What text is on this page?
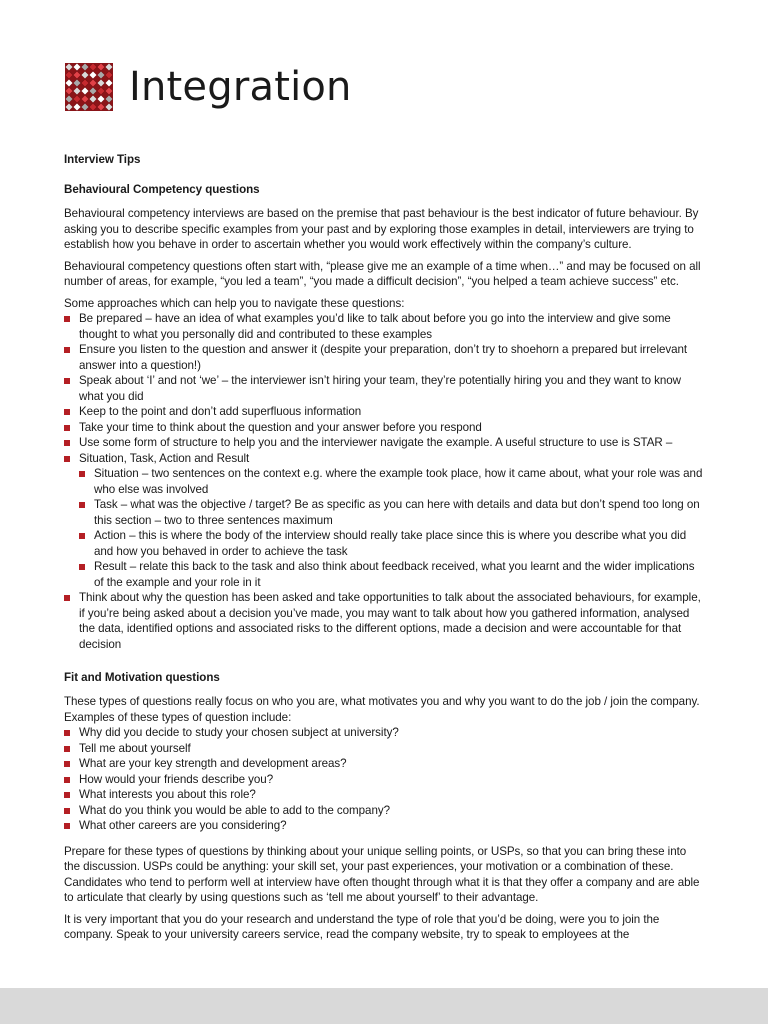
Integration
Interview Tips
Behavioural Competency questions

Behavioural competency interviews are based on the premise that past behaviour is the best indicator of future behaviour. By asking you to describe specific examples from your past and by exploring those examples in detail, interviewers are trying to establish how you behave in order to ascertain whether you would work effectively within the company’s culture.

Behavioural competency questions often start with, “please give me an example of a time when…” and may be focused on all number of areas, for example, “you led a team”, “you made a difficult decision”, “you helped a team achieve success” etc.

Some approaches which can help you to navigate these questions:

Be prepared – have an idea of what examples you’d like to talk about before you go into the interview and give some thought to what you personally did and contributed to these examples
Ensure you listen to the question and answer it (despite your preparation, don’t try to shoehorn a prepared but irrelevant answer into a question!)
Speak about ‘I’ and not ‘we’ – the interviewer isn’t hiring your team, they’re potentially hiring you and they want to know what you did
Keep to the point and don’t add superfluous information
Take your time to think about the question and your answer before you respond
Use some form of structure to help you and the interviewer navigate the example. A useful structure to use is STAR –
Situation, Task, Action and Result
Situation – two sentences on the context e.g. where the example took place, how it came about, what your role was and who else was involved
Task – what was the objective / target? Be as specific as you can here with details and data but don’t spend too long on this section – two to three sentences maximum
Action – this is where the body of the interview should really take place since this is where you describe what you did and how you behaved in order to achieve the task
Result – relate this back to the task and also think about feedback received, what you learnt and the wider implications of the example and your role in it
Think about why the question has been asked and take opportunities to talk about the associated behaviours, for example, if you’re being asked about a decision you’ve made, you may want to talk about how you gathered information, analysed the data, identified options and associated risks to the different options, made a decision and were accountable for that decision
Fit and Motivation questions

These types of questions really focus on who you are, what motivates you and why you want to do the job / join the company. Examples of these types of question include:

Why did you decide to study your chosen subject at university?
Tell me about yourself
What are your key strength and development areas?
How would your friends describe you?
What interests you about this role?
What do you think you would be able to add to the company?
What other careers are you considering?

Prepare for these types of questions by thinking about your unique selling points, or USPs, so that you can bring these into the discussion. USPs could be anything: your skill set, your past experiences, your motivation or a combination of these. Candidates who tend to perform well at interview have often thought through what it is that they offer a company and are able to articulate that clearly by using questions such as ‘tell me about yourself’ to their advantage.

It is very important that you do your research and understand the type of role that you’d be doing, were you to join the company. Speak to your university careers service, read the company website, try to speak to employees at the
